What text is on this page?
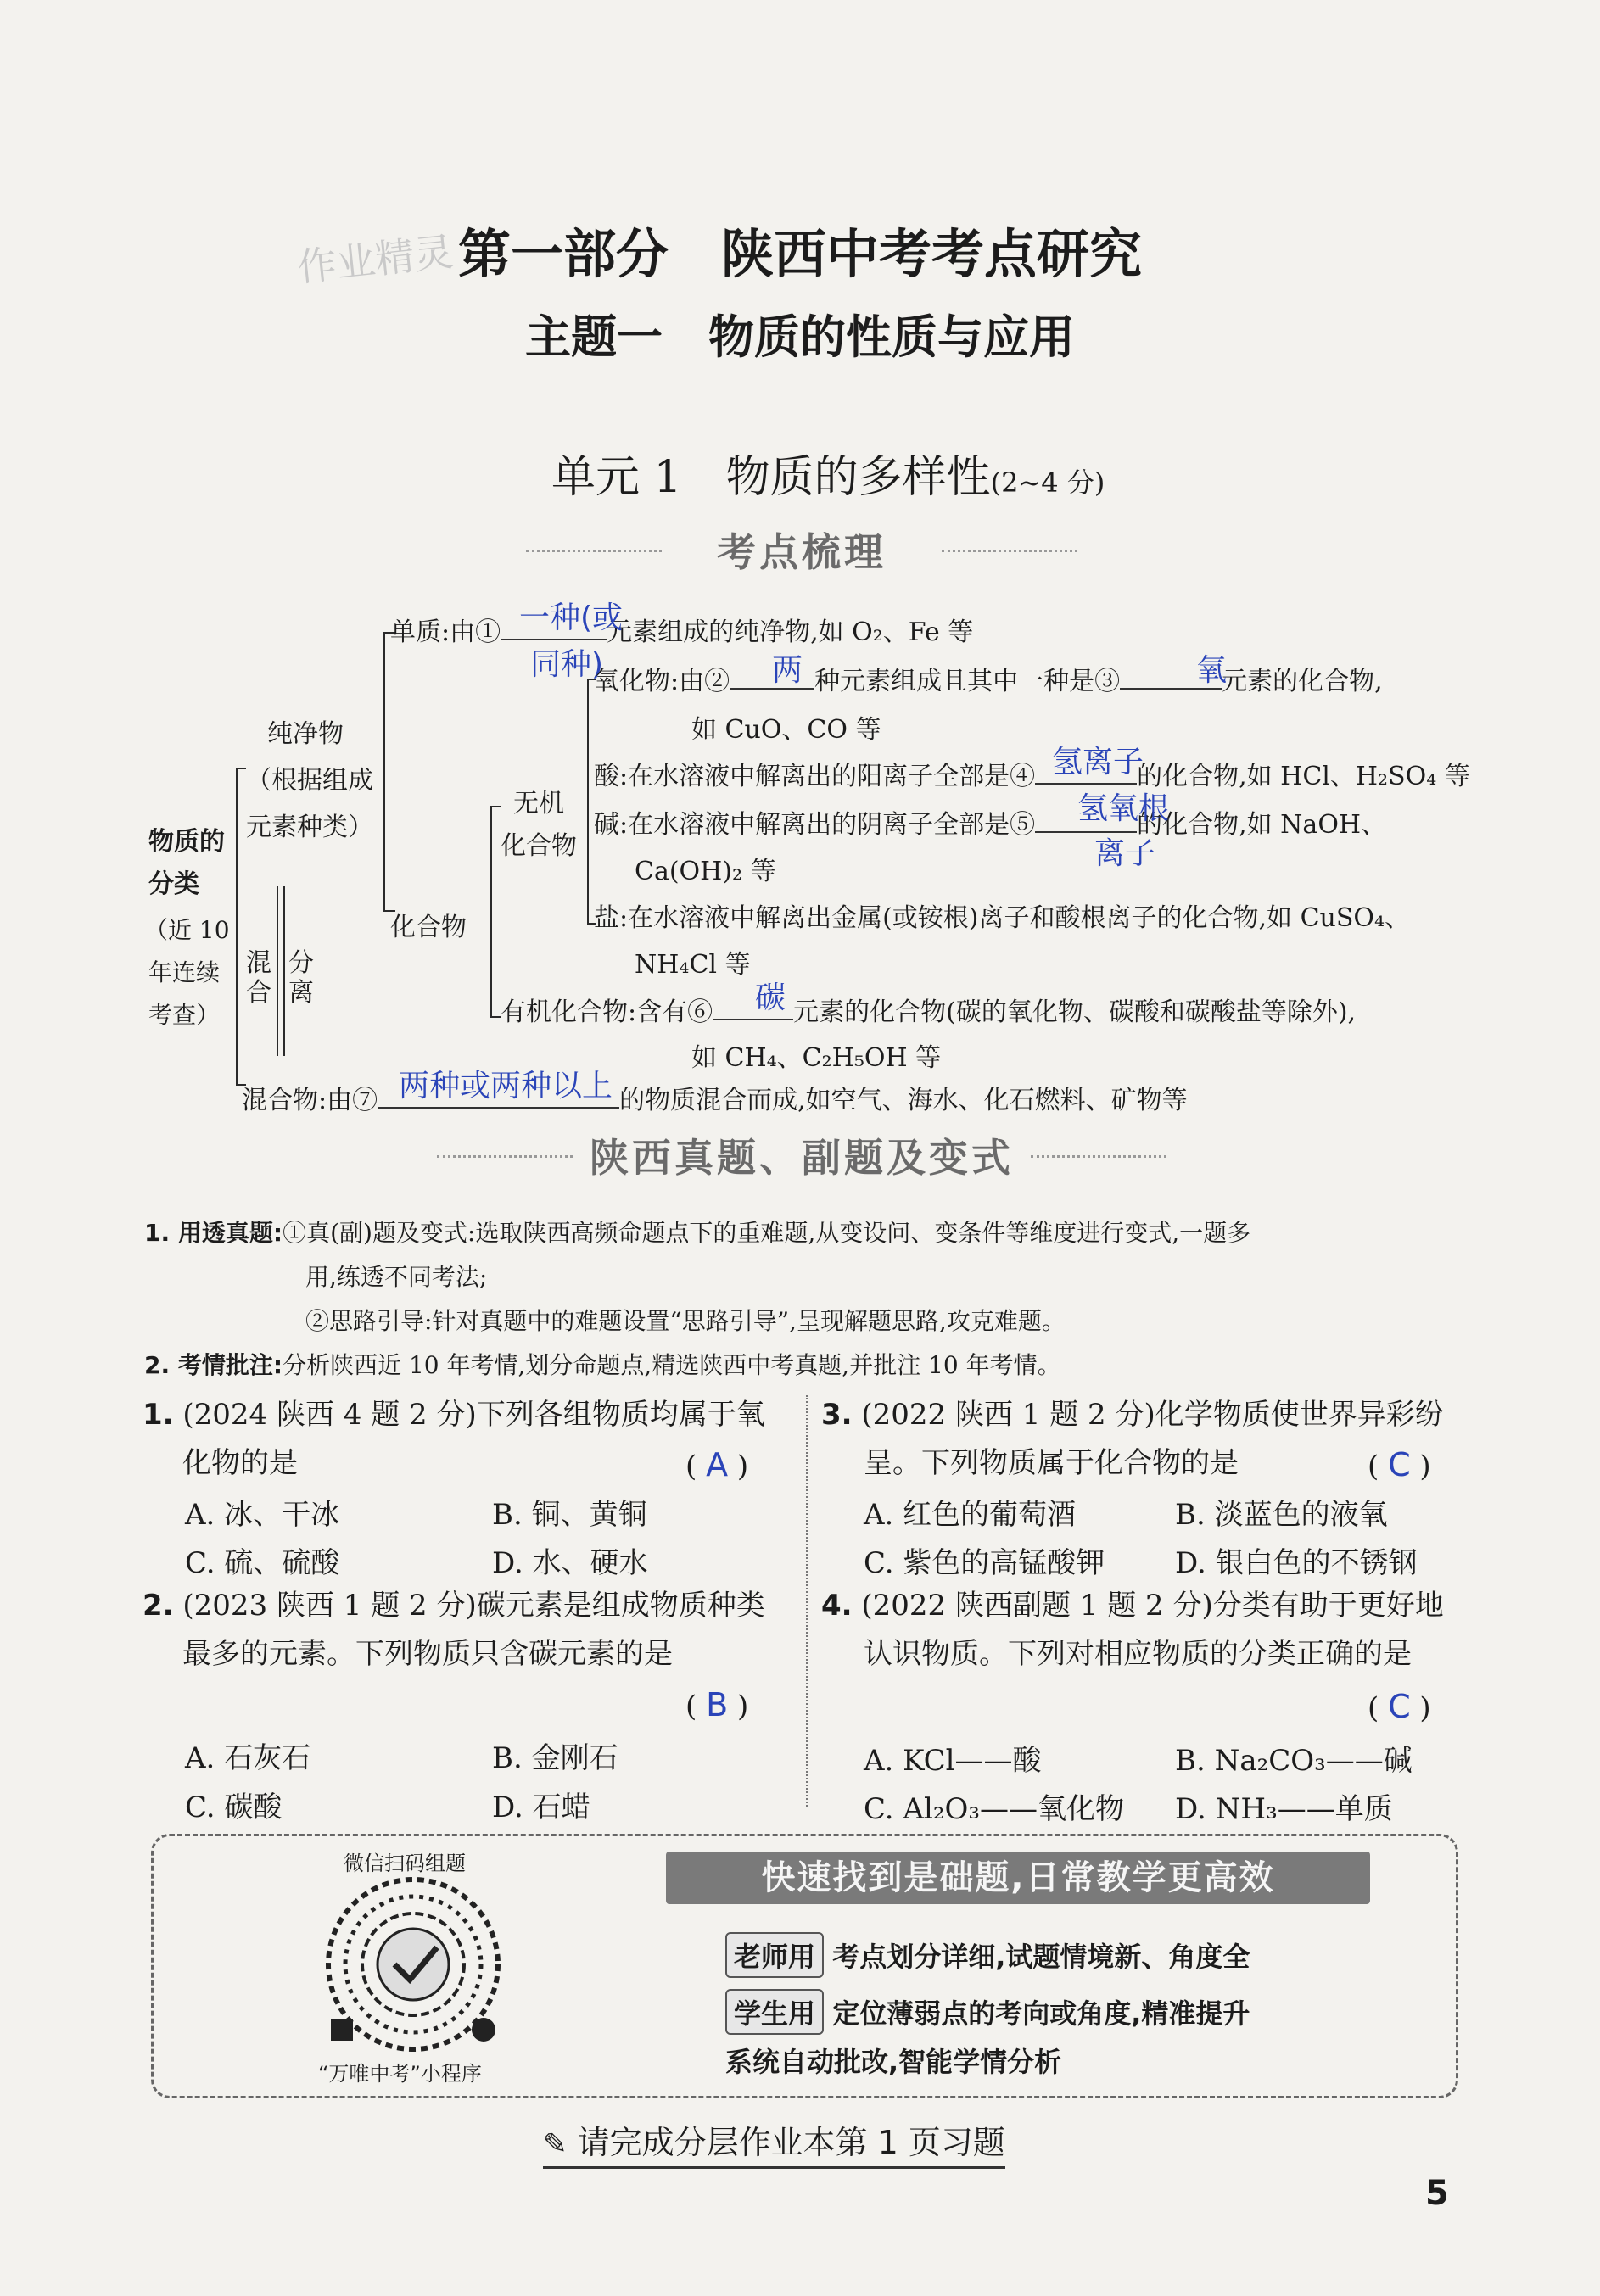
作业精灵 第一部分　陕西中考考点研究
主题一　物质的性质与应用
单元 1　物质的多样性(2~4 分)
考点梳理
物质的分类
（近 10
年连续
考查）
纯净物
（根据组成
元素种类）
混
合
分
离
化合物
无机
化合物
单质:由①	元素组成的纯净物,如 O₂、Fe 等
一种(或
同种)
氧化物:由②	种元素组成且其中一种是③	元素的化合物,
两	氧
如 CuO、CO 等
酸:在水溶液中解离出的阳离子全部是④	的化合物,如 HCl、H₂SO₄ 等
氢离子
碱:在水溶液中解离出的阴离子全部是⑤	的化合物,如 NaOH、
氢氧根
离子
Ca(OH)₂ 等
盐:在水溶液中解离出金属(或铵根)离子和酸根离子的化合物,如 CuSO₄、
NH₄Cl 等
有机化合物:含有⑥	元素的化合物(碳的氧化物、碳酸和碳酸盐等除外),
碳
如 CH₄、C₂H₅OH 等
混合物:由⑦	的物质混合而成,如空气、海水、化石燃料、矿物等
两种或两种以上
陕西真题、副题及变式
1. 用透真题:①真(副)题及变式:选取陕西高频命题点下的重难题,从变设问、变条件等维度进行变式,一题多
用,练透不同考法;
②思路引导:针对真题中的难题设置“思路引导”,呈现解题思路,攻克难题。
2. 考情批注:分析陕西近 10 年考情,划分命题点,精选陕西中考真题,并批注 10 年考情。
1. (2024 陕西 4 题 2 分)下列各组物质均属于氧
化物的是	( A )
A. 冰、干冰	B. 铜、黄铜
C. 硫、硫酸	D. 水、硬水
2. (2023 陕西 1 题 2 分)碳元素是组成物质种类
最多的元素。下列物质只含碳元素的是
( B )
A. 石灰石	B. 金刚石
C. 碳酸	D. 石蜡
3. (2022 陕西 1 题 2 分)化学物质使世界异彩纷
呈。下列物质属于化合物的是	( C )
A. 红色的葡萄酒	B. 淡蓝色的液氧
C. 紫色的高锰酸钾 D. 银白色的不锈钢
4. (2022 陕西副题 1 题 2 分)分类有助于更好地
认识物质。下列对相应物质的分类正确的是
( C )
A. KCl——酸	B. Na₂CO₃——碱
C. Al₂O₃——氧化物 D. NH₃——单质
微信扫码组题
“万唯中考”小程序
快速找到是础题,日常教学更高效
老师用 考点划分详细,试题情境新、角度全
学生用 定位薄弱点的考向或角度,精准提升
系统自动批改,智能学情分析
✎ 请完成分层作业本第 1 页习题
5
